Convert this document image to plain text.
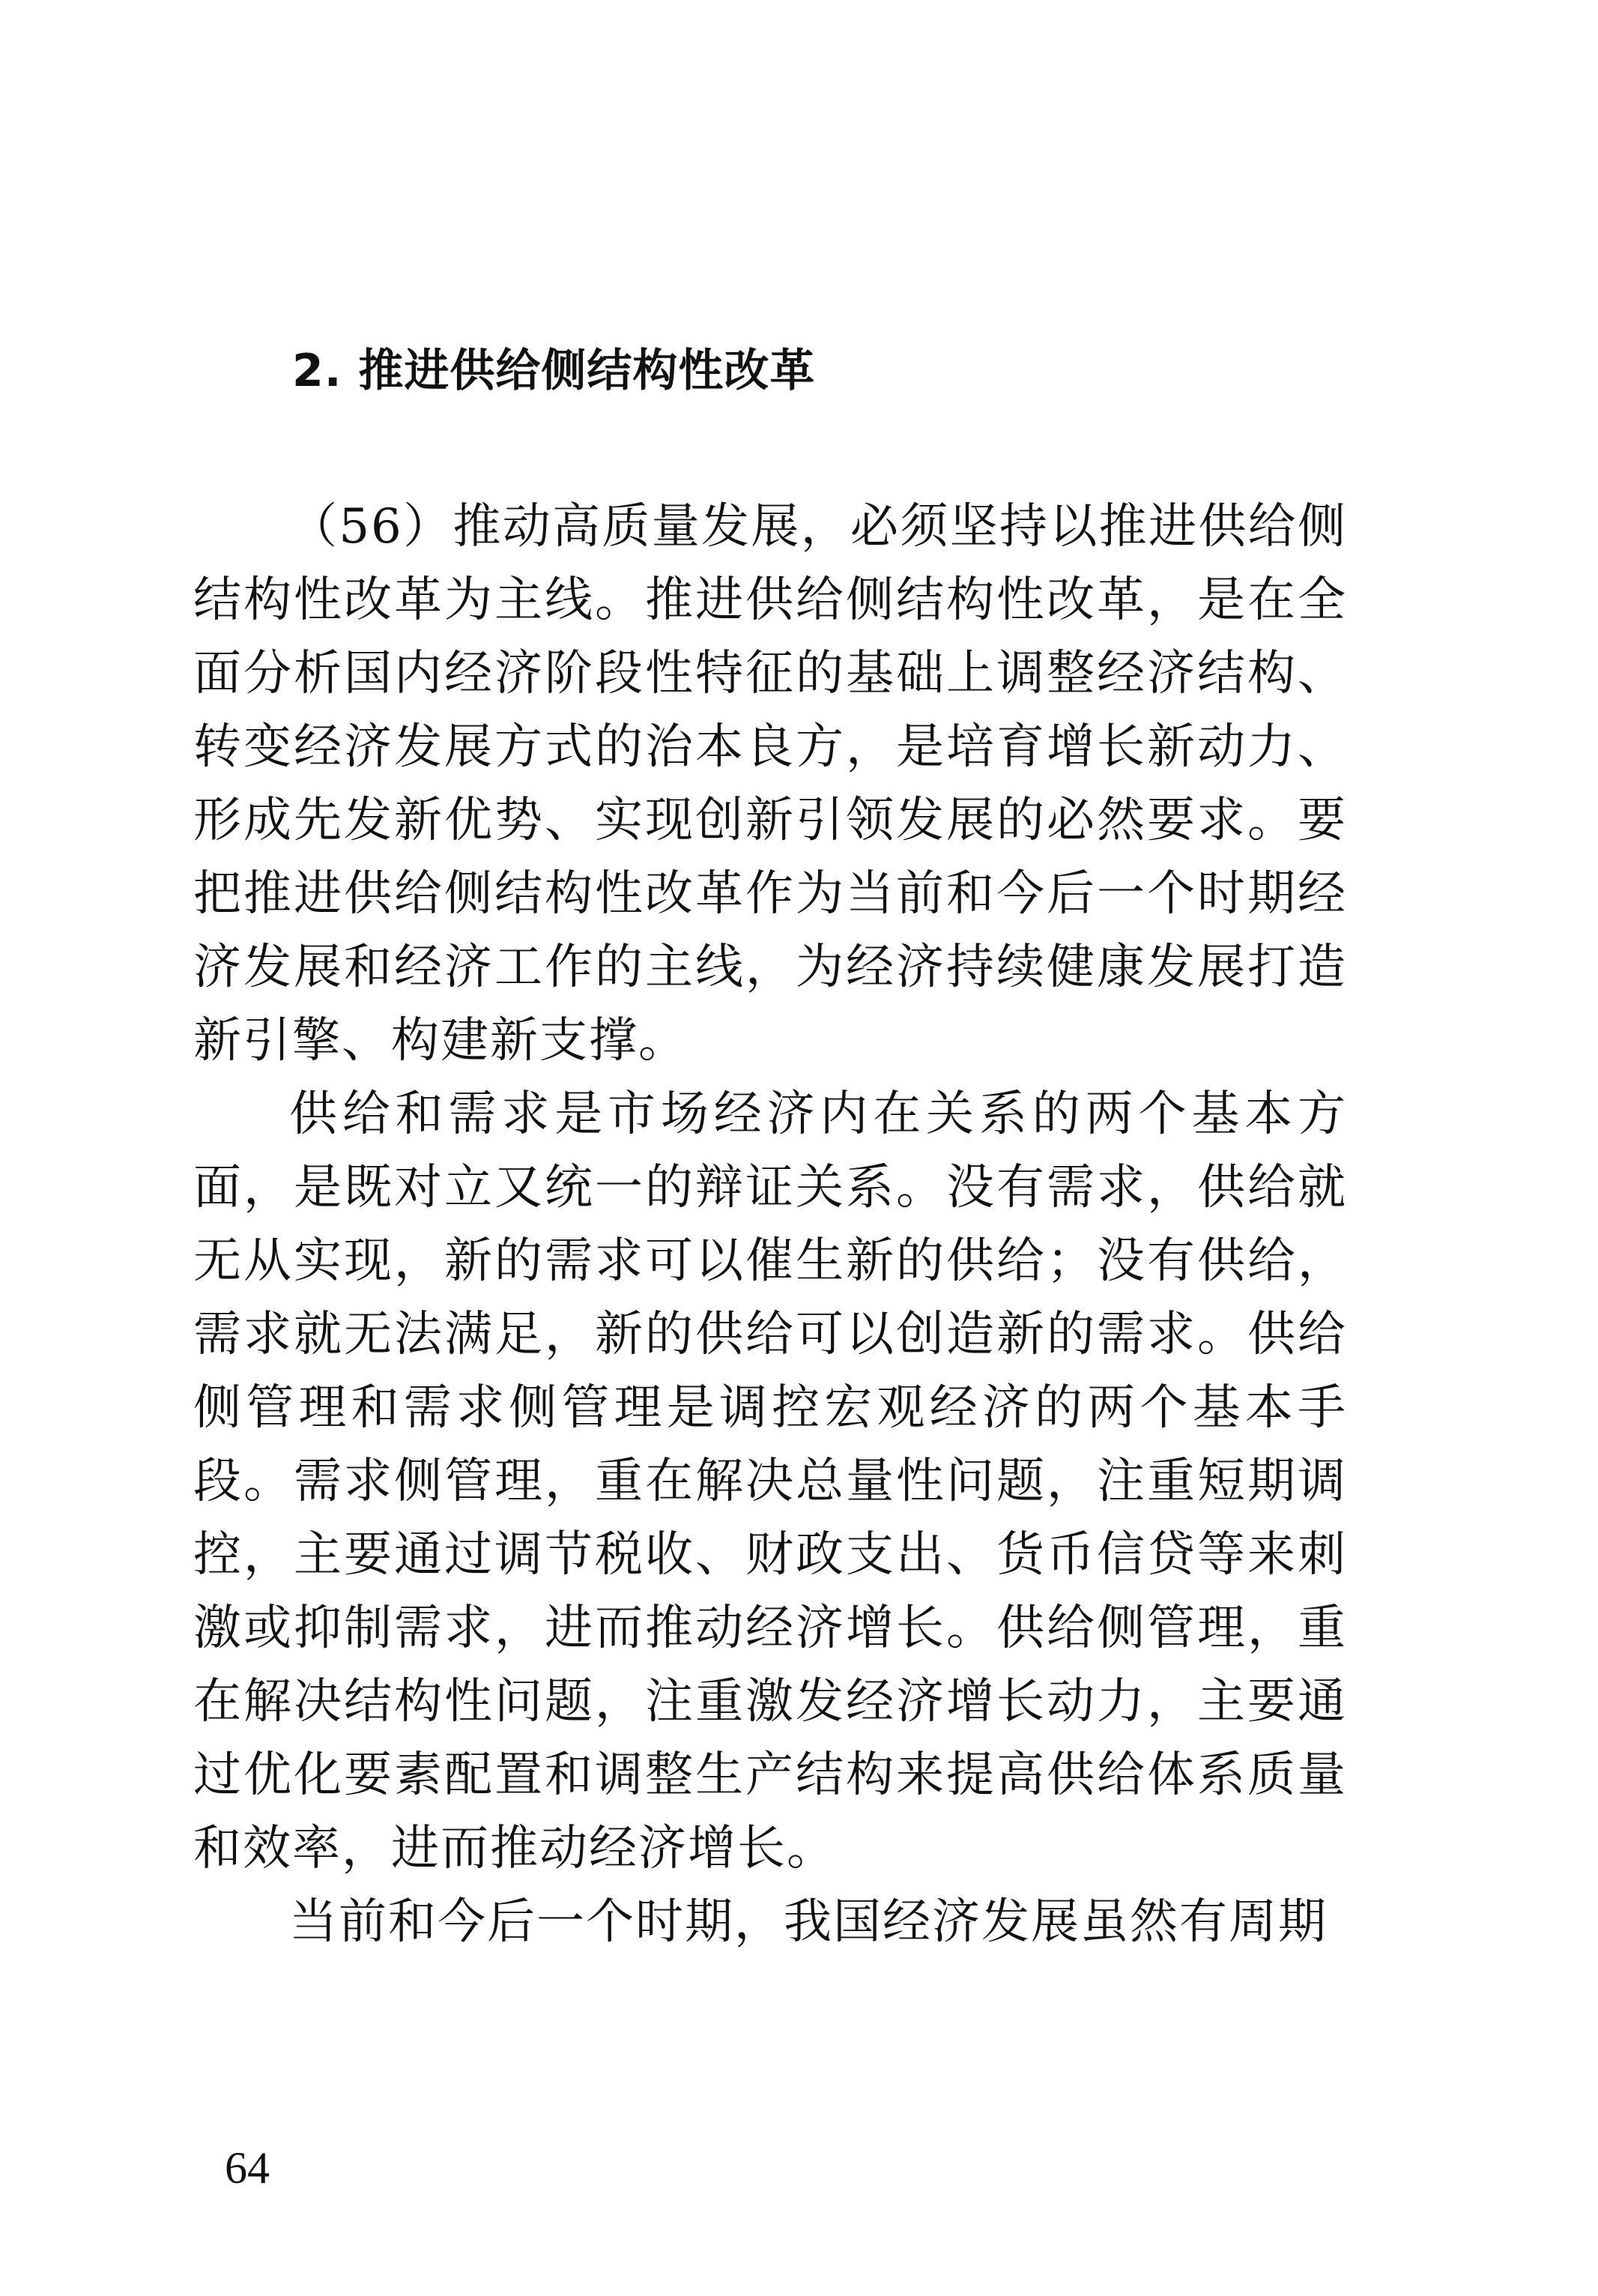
2. 推进供给侧结构性改革

（56）推动高质量发展，必须坚持以推进供给侧结构性改革为主线。推进供给侧结构性改革，是在全面分析国内经济阶段性特征的基础上调整经济结构、转变经济发展方式的治本良方，是培育增长新动力、形成先发新优势、实现创新引领发展的必然要求。要把推进供给侧结构性改革作为当前和今后一个时期经济发展和经济工作的主线，为经济持续健康发展打造新引擎、构建新支撑。

供给和需求是市场经济内在关系的两个基本方面，是既对立又统一的辩证关系。没有需求，供给就无从实现，新的需求可以催生新的供给；没有供给，需求就无法满足，新的供给可以创造新的需求。供给侧管理和需求侧管理是调控宏观经济的两个基本手段。需求侧管理，重在解决总量性问题，注重短期调控，主要通过调节税收、财政支出、货币信贷等来刺激或抑制需求，进而推动经济增长。供给侧管理，重在解决结构性问题，注重激发经济增长动力，主要通过优化要素配置和调整生产结构来提高供给体系质量和效率，进而推动经济增长。

当前和今后一个时期，我国经济发展虽然有周期

64
